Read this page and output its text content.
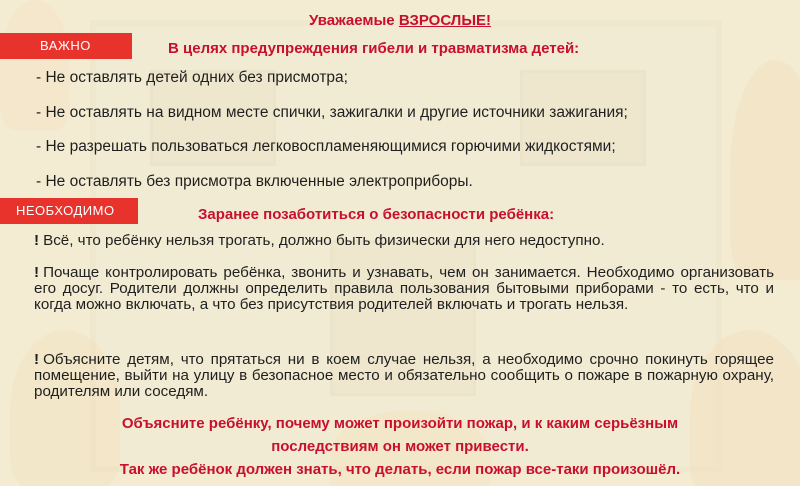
Уважаемые ВЗРОСЛЫЕ!
ВАЖНО	В целях предупреждения гибели и травматизма детей:
- Не оставлять детей одних без присмотра;
- Не оставлять на видном месте спички, зажигалки и другие источники зажигания;
- Не разрешать пользоваться легковоспламеняющимися горючими жидкостями;
- Не оставлять без присмотра включенные электроприборы.
НЕОБХОДИМО	Заранее позаботиться о безопасности ребёнка:
! Всё, что ребёнку нельзя трогать, должно быть физически для него недоступно.
! Почаще контролировать ребёнка, звонить и узнавать, чем он занимается. Необходимо организовать его досуг. Родители должны определить правила пользования бытовыми приборами - то есть, что и когда можно включать, а что без присутствия родителей включать и трогать нельзя.
! Объясните детям, что прятаться ни в коем случае нельзя, а необходимо срочно покинуть горящее помещение, выйти на улицу в безопасное место и обязательно сообщить о пожаре в пожарную охрану, родителям или соседям.
Объясните ребёнку, почему может произойти пожар, и к каким серьёзным
последствиям он может привести.
Так же ребёнок должен знать, что делать, если пожар все-таки произошёл.
